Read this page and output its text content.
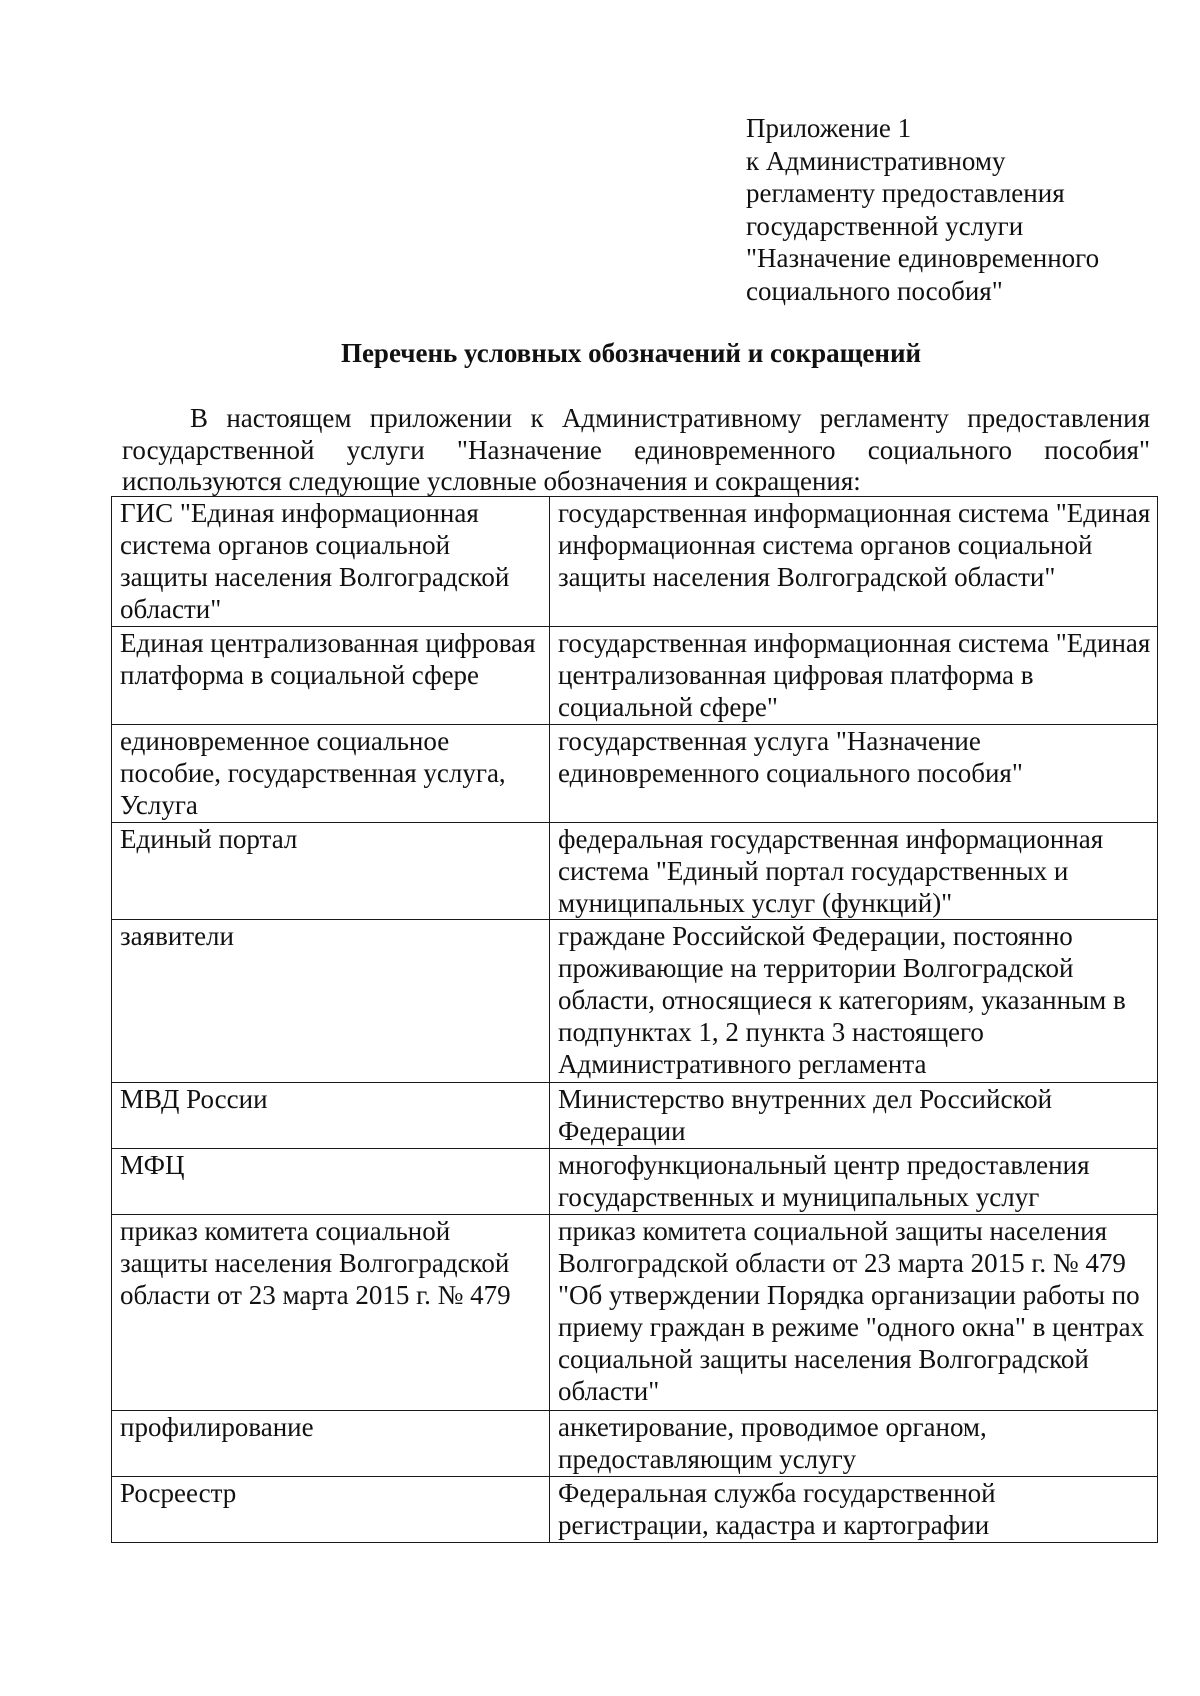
Приложение 1
к Административному
регламенту предоставления
государственной услуги
"Назначение единовременного
социального пособия"
Перечень условных обозначений и сокращений
В настоящем приложении к Административному регламенту предоставления государственной услуги "Назначение единовременного социального пособия" используются следующие условные обозначения и сокращения:
ГИС "Единая информационная система органов социальной защиты населения Волгоградской области"	государственная информационная система "Единая информационная система органов социальной защиты населения Волгоградской области"
Единая централизованная цифровая платформа в социальной сфере	государственная информационная система "Единая централизованная цифровая платформа в социальной сфере"
единовременное социальное пособие, государственная услуга, Услуга	государственная услуга "Назначение единовременного социального пособия"
Единый портал	федеральная государственная информационная система "Единый портал государственных и муниципальных услуг (функций)"
заявители	граждане Российской Федерации, постоянно проживающие на территории Волгоградской области, относящиеся к категориям, указанным в подпунктах 1, 2 пункта 3 настоящего Административного регламента
МВД России	Министерство внутренних дел Российской Федерации
МФЦ	многофункциональный центр предоставления государственных и муниципальных услуг
приказ комитета социальной защиты населения Волгоградской области от 23 марта 2015 г. № 479	приказ комитета социальной защиты населения Волгоградской области от 23 марта 2015 г. № 479 "Об утверждении Порядка организации работы по приему граждан в режиме "одного окна" в центрах социальной защиты населения Волгоградской области"
профилирование	анкетирование, проводимое органом, предоставляющим услугу
Росреестр	Федеральная служба государственной регистрации, кадастра и картографии
